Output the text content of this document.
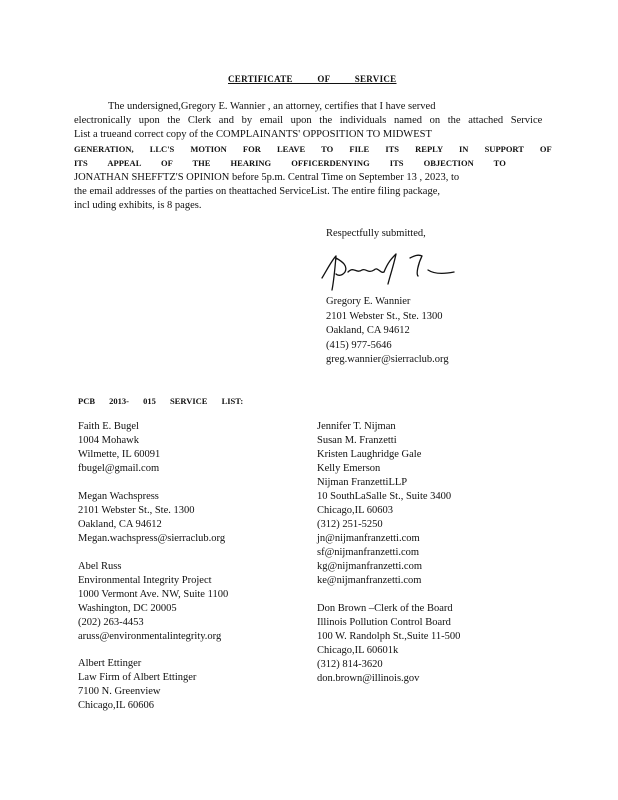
CERTIFICATE OF SERVICE
The undersigned,Gregory E. Wannier , an attorney, certifies that I have served
electronically upon the Clerk and by email upon the individuals named on the attached Service
List a trueand correct copy of the COMPLAINANTS' OPPOSITION TO MIDWEST
GENERATION, LLC'S MOTION FOR LEAVE TO FILE ITS REPLY IN SUPPORT OF
ITS APPEAL OF THE HEARING OFFICERDENYING ITS OBJECTION TO
JONATHAN SHEFFTZ'S OPINION before 5p.m. Central Time on September 13 , 2023, to
the email addresses of the parties on theattached ServiceList. The entire filing package,
incl uding exhibits, is 8 pages.
Respectfully submitted,
Gregory E. Wannier
2101 Webster St., Ste. 1300
Oakland, CA 94612
(415) 977-5646
greg.wannier@sierraclub.org
PCB 2013- 015 SERVICE LIST:
Faith E. Bugel
1004 Mohawk
Wilmette, IL 60091
fbugel@gmail.com
Megan Wachspress
2101 Webster St., Ste. 1300
Oakland, CA 94612
Megan.wachspress@sierraclub.org
Abel Russ
Environmental Integrity Project
1000 Vermont Ave. NW, Suite 1100
Washington, DC 20005
(202) 263-4453
aruss@environmentalintegrity.org
Albert Ettinger
Law Firm of Albert Ettinger
7100 N. Greenview
Chicago,IL 60606
Jennifer T. Nijman
Susan M. Franzetti
Kristen Laughridge Gale
Kelly Emerson
Nijman FranzettiLLP
10 SouthLaSalle St., Suite 3400
Chicago,IL 60603
(312) 251-5250
jn@nijmanfranzetti.com
sf@nijmanfranzetti.com
kg@nijmanfranzetti.com
ke@nijmanfranzetti.com
Don Brown –Clerk of the Board
Illinois Pollution Control Board
100 W. Randolph St.,Suite 11-500
Chicago,IL 60601k
(312) 814-3620
don.brown@illinois.gov
